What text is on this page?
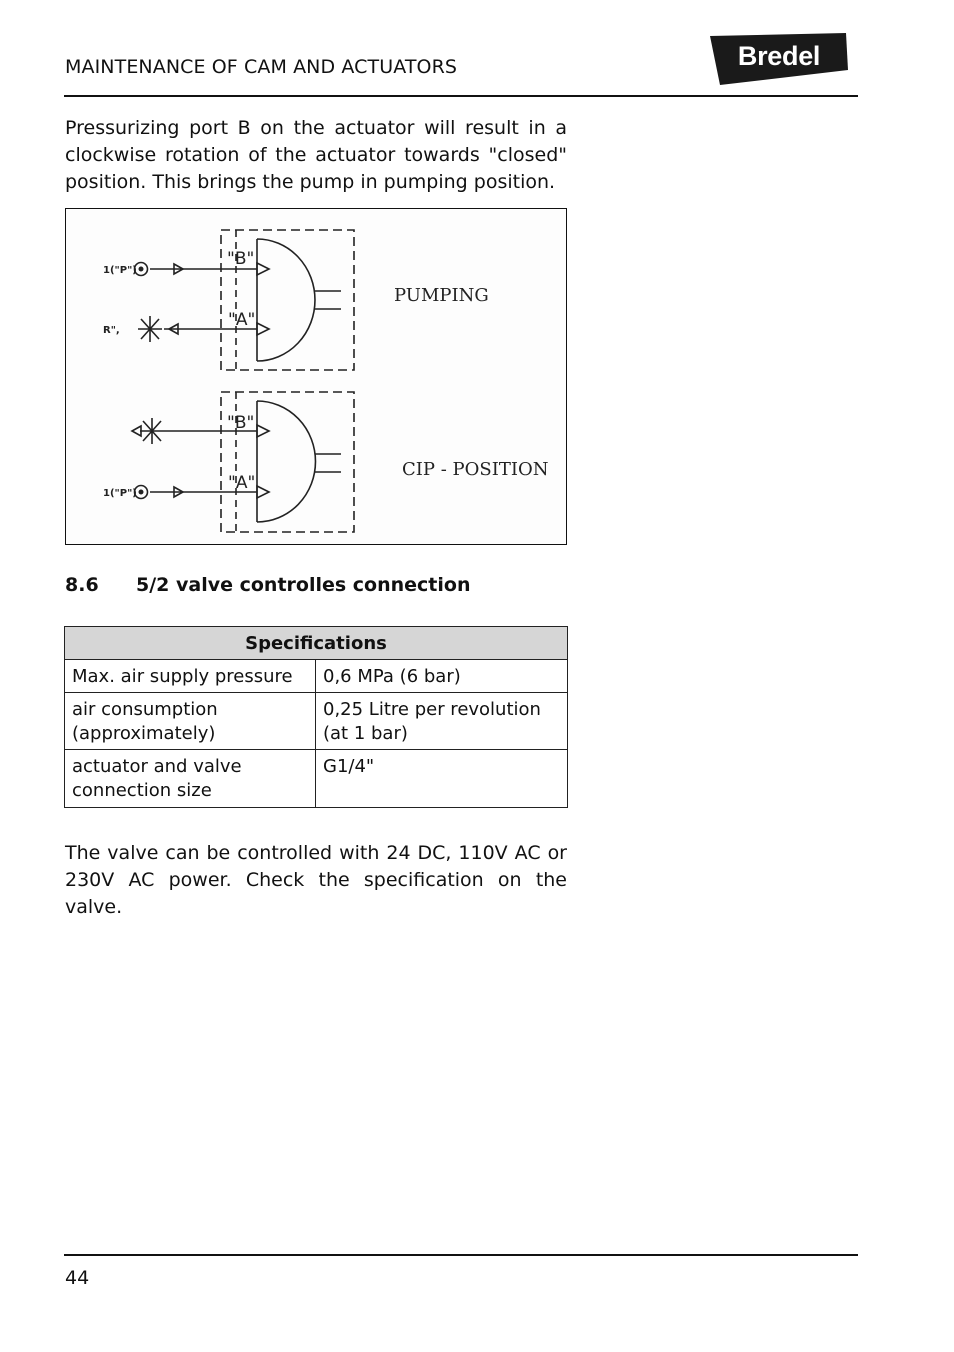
MAINTENANCE OF CAM AND ACTUATORS	Bredel

Pressurizing port B on the actuator will result in a clockwise rotation of the actuator towards "closed" position. This brings the pump in pumping position.

1("P")
R",
"B"
"A"
PUMPING
"B"
"A"
1("P")
CIP - POSITION
8.6 5/2 valve controlles connection
Specifications	
Max. air supply pressure	0,6 MPa (6 bar)
air consumption (approximately)	0,25 Litre per revolution (at 1 bar)
actuator and valve connection size	G1/4"

The valve can be controlled with 24 DC, 110V AC or 230V AC power. Check the specification on the valve.

44
